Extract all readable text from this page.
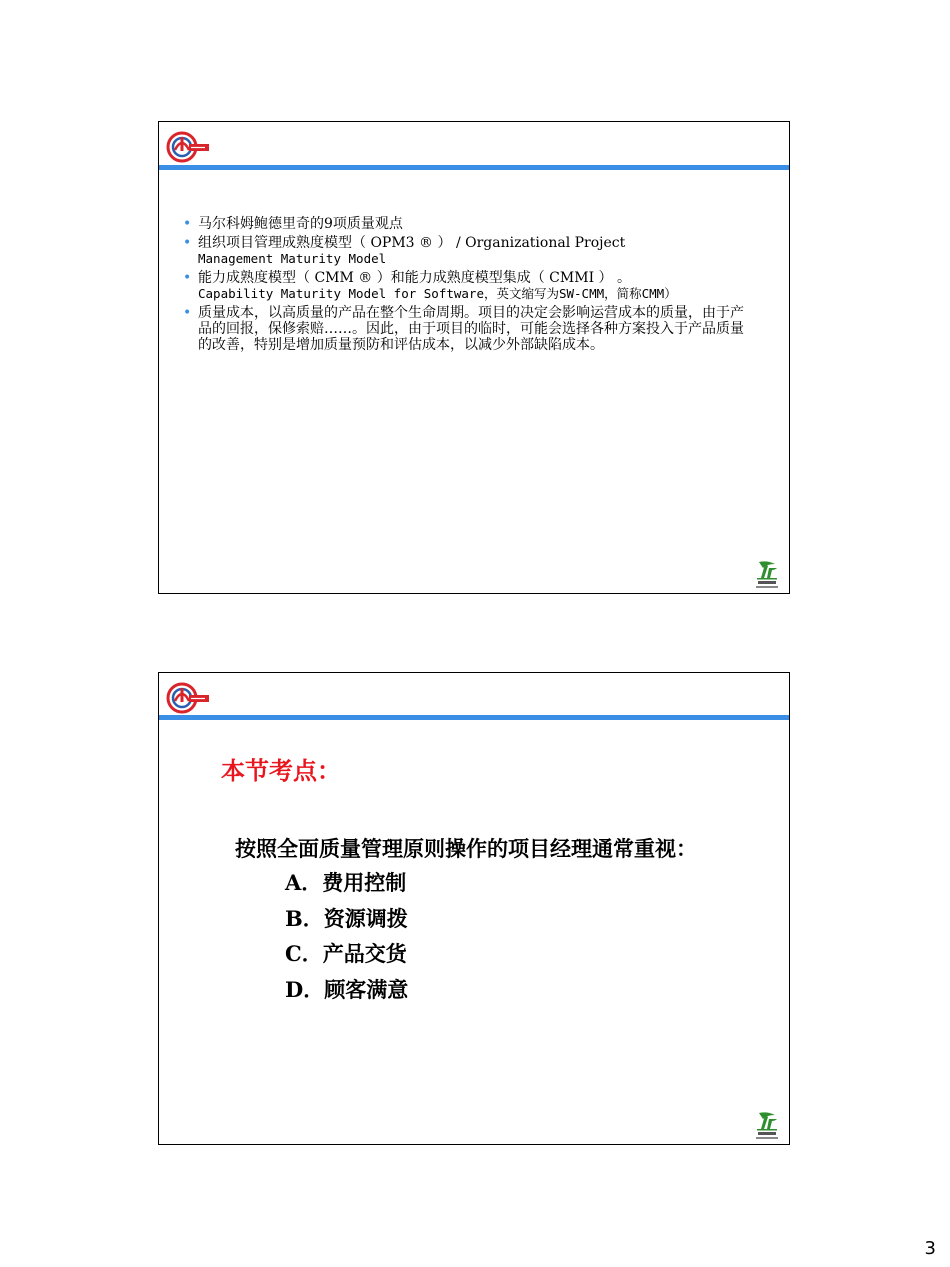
• 马尔科姆鲍德里奇的9项质量观点
• 组织项目管理成熟度模型（ OPM3 ® ） / Organizational Project
Management Maturity Model
• 能力成熟度模型（ CMM ® ）和能力成熟度模型集成（ CMMI ） 。
Capability Maturity Model for Software，英文缩写为SW-CMM，简称CMM）
• 质量成本，以高质量的产品在整个生命周期。项目的决定会影响运营成本的质量，由于产品的回报，保修索赔……。因此，由于项目的临时，可能会选择各种方案投入于产品质量的改善，特别是增加质量预防和评估成本，以减少外部缺陷成本。
本节考点：
按照全面质量管理原则操作的项目经理通常重视：
A．费用控制
B．资源调拨
C．产品交货
D．顾客满意
3
